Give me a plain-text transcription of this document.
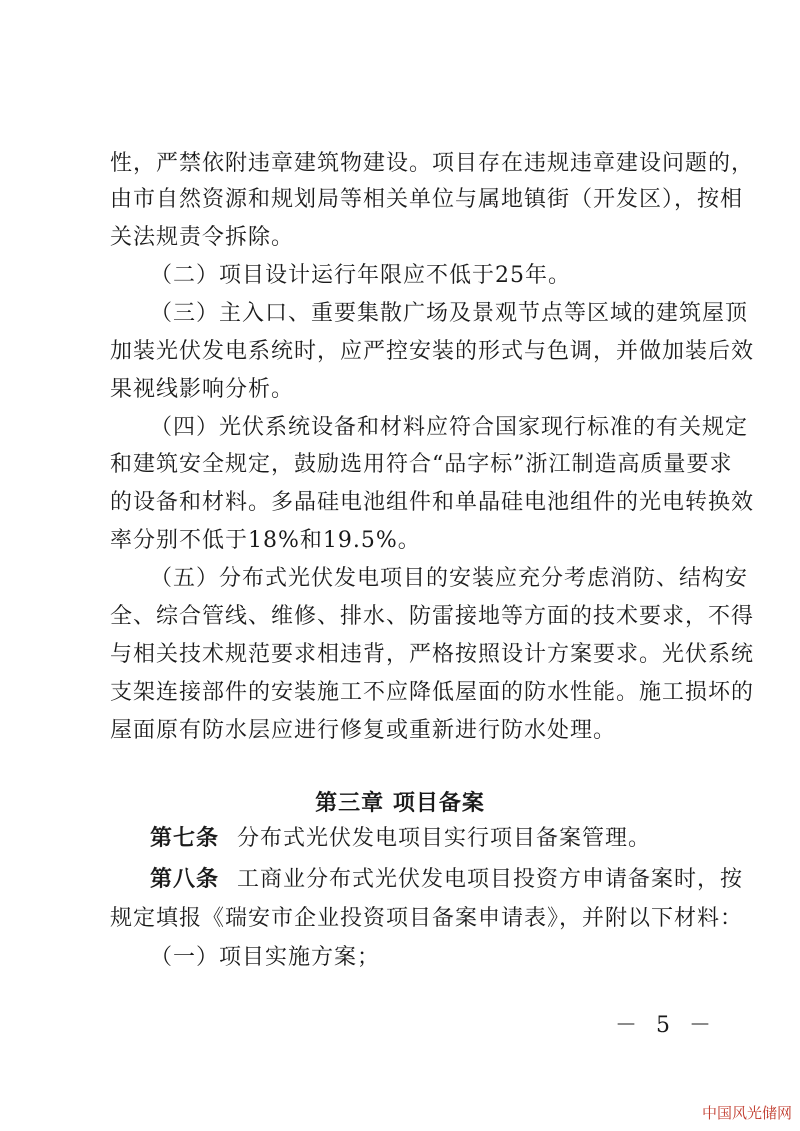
性，严禁依附违章建筑物建设。项目存在违规违章建设问题的，
由市自然资源和规划局等相关单位与属地镇街（开发区），按相
关法规责令拆除。
（二）项目设计运行年限应不低于25年。
（三）主入口、重要集散广场及景观节点等区域的建筑屋顶
加装光伏发电系统时，应严控安装的形式与色调，并做加装后效
果视线影响分析。
（四）光伏系统设备和材料应符合国家现行标准的有关规定
和建筑安全规定，鼓励选用符合“品字标”浙江制造高质量要求
的设备和材料。多晶硅电池组件和单晶硅电池组件的光电转换效
率分别不低于18%和19.5%。
（五）分布式光伏发电项目的安装应充分考虑消防、结构安
全、综合管线、维修、排水、防雷接地等方面的技术要求，不得
与相关技术规范要求相违背，严格按照设计方案要求。光伏系统
支架连接部件的安装施工不应降低屋面的防水性能。施工损坏的
屋面原有防水层应进行修复或重新进行防水处理。
第三章 项目备案
第七条 分布式光伏发电项目实行项目备案管理。
第八条 工商业分布式光伏发电项目投资方申请备案时，按
规定填报《瑞安市企业投资项目备案申请表》，并附以下材料：
（一）项目实施方案；
－ 5 －
中国风光储网
